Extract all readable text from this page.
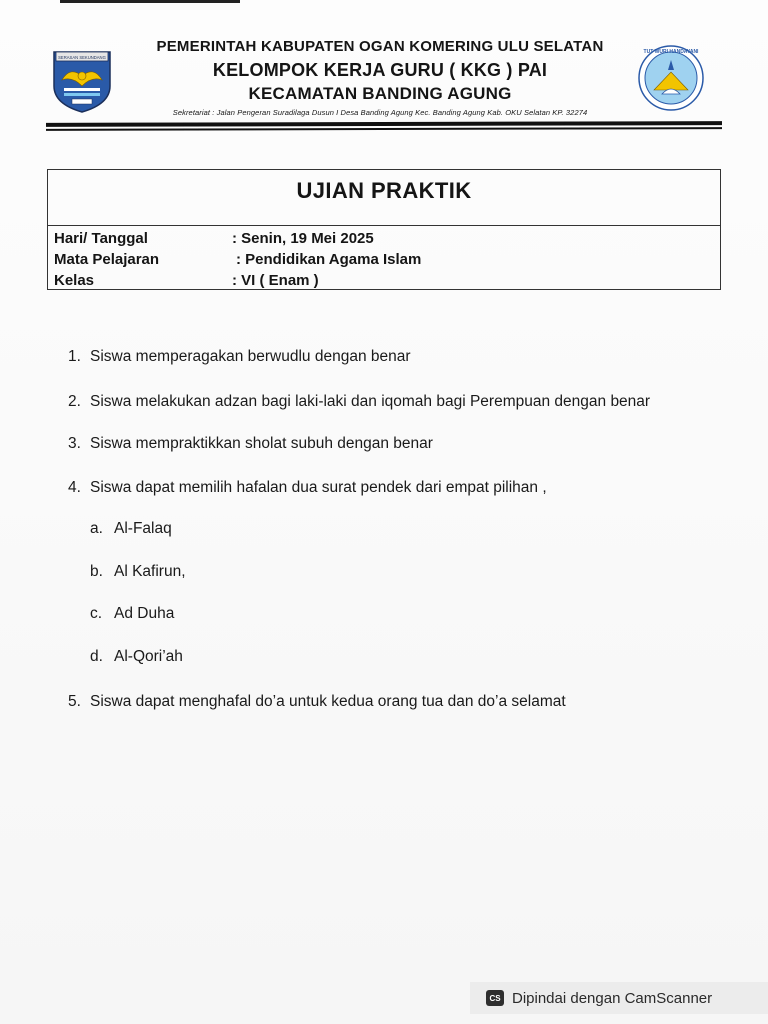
SERASAN SEKUNDANG
TUT WURI HANDAYANI
PEMERINTAH KABUPATEN OGAN KOMERING ULU SELATAN
KELOMPOK KERJA GURU ( KKG ) PAI
KECAMATAN BANDING AGUNG
Sekretariat : Jalan Pengeran Suradilaga Dusun I Desa Banding Agung Kec. Banding Agung Kab. OKU Selatan KP. 32274
UJIAN PRAKTIK
Hari/ Tanggal	: Senin, 19 Mei 2025
Mata Pelajaran	: Pendidikan Agama Islam
Kelas	: VI ( Enam )
1. Siswa memperagakan berwudlu dengan benar
2. Siswa melakukan adzan bagi laki-laki dan iqomah bagi Perempuan dengan benar
3. Siswa mempraktikkan sholat subuh dengan benar
4. Siswa dapat memilih hafalan dua surat pendek dari empat pilihan ,
a. Al-Falaq
b. Al Kafirun,
c. Ad Duha
d. Al-Qori’ah
5. Siswa dapat menghafal do’a untuk kedua orang tua dan do’a selamat
CS Dipindai dengan CamScanner
